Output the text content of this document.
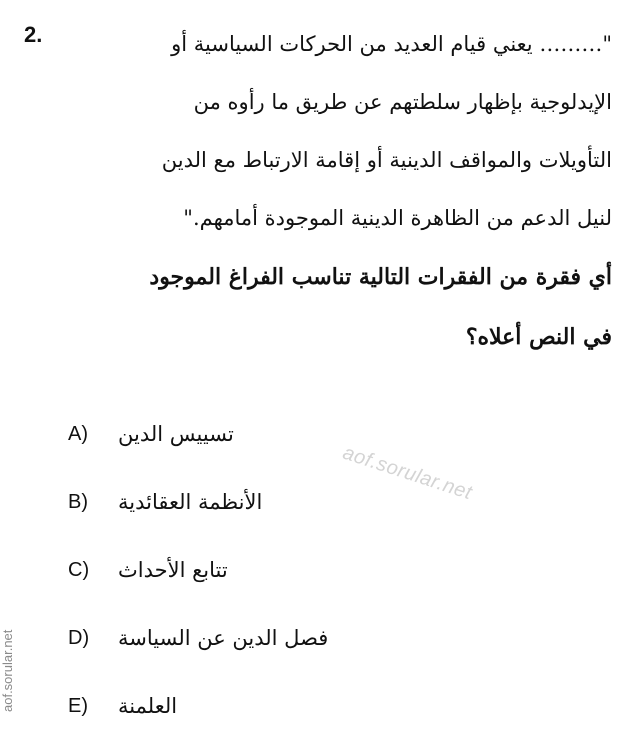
2.	"……… يعني قيام العديد من الحركات السياسية أو
الإيدلوجية بإظهار سلطتهم عن طريق ما رأوه من
التأويلات والمواقف الدينية أو إقامة الارتباط مع الدين
لنيل الدعم من الظاهرة الدينية الموجودة أمامهم."
أي فقرة من الفقرات التالية تناسب الفراغ الموجود
في النص أعلاه؟
A)	تسييس الدين
B)	الأنظمة العقائدية
C)	تتابع الأحداث
D)	فصل الدين عن السياسة
E)	العلمنة
aof.sorular.net
aof.sorular.net
